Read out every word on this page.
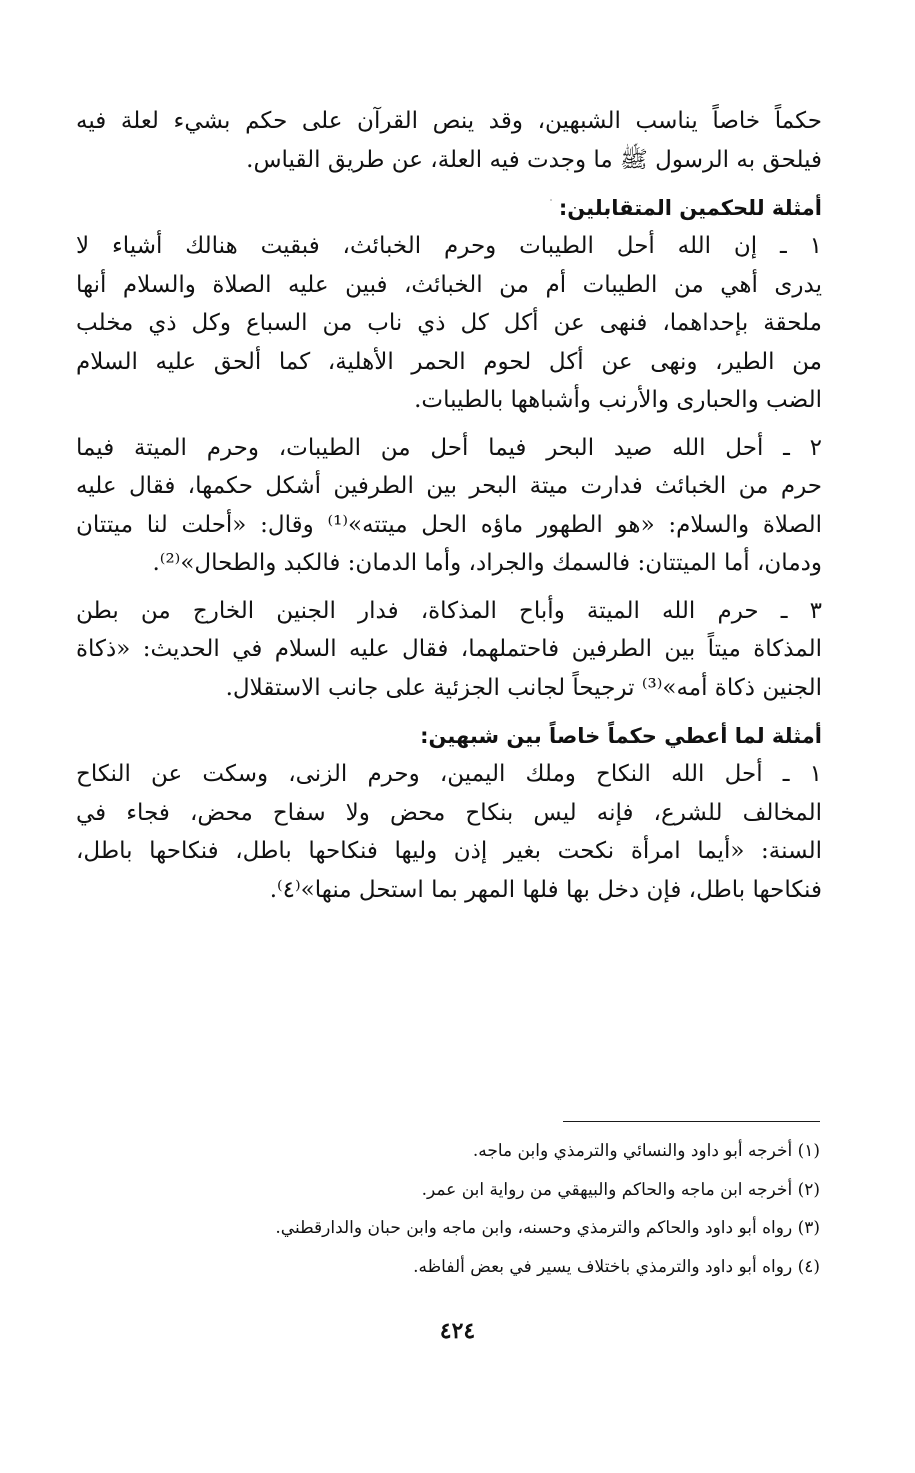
حكماً خاصاً يناسب الشبهين، وقد ينص القرآن على حكم بشيء لعلة فيه
فيلحق به الرسول ﷺ ما وجدت فيه العلة، عن طريق القياس.
أمثلة للحكمين المتقابلين:
١ ـ إن الله أحل الطيبات وحرم الخبائث، فبقيت هنالك أشياء لا
يدرى أهي من الطيبات أم من الخبائث، فبين عليه الصلاة والسلام أنها
ملحقة بإحداهما، فنهى عن أكل كل ذي ناب من السباع وكل ذي مخلب
من الطير، ونهى عن أكل لحوم الحمر الأهلية، كما ألحق عليه السلام
الضب والحبارى والأرنب وأشباهها بالطيبات.
٢ ـ أحل الله صيد البحر فيما أحل من الطيبات، وحرم الميتة فيما
حرم من الخبائث فدارت ميتة البحر بين الطرفين أشكل حكمها، فقال عليه
الصلاة والسلام: «هو الطهور ماؤه الحل ميتته»⁽¹⁾ وقال: «أحلت لنا ميتتان
ودمان، أما الميتتان: فالسمك والجراد، وأما الدمان: فالكبد والطحال»⁽²⁾.
٣ ـ حرم الله الميتة وأباح المذكاة، فدار الجنين الخارج من بطن
المذكاة ميتاً بين الطرفين فاحتملهما، فقال عليه السلام في الحديث: «ذكاة
الجنين ذكاة أمه»⁽³⁾ ترجيحاً لجانب الجزئية على جانب الاستقلال.
أمثلة لما أعطي حكماً خاصاً بين شبهين:
١ ـ أحل الله النكاح وملك اليمين، وحرم الزنى، وسكت عن النكاح
المخالف للشرع، فإنه ليس بنكاح محض ولا سفاح محض، فجاء في
السنة: «أيما امرأة نكحت بغير إذن وليها فنكاحها باطل، فنكاحها باطل،
فنكاحها باطل، فإن دخل بها فلها المهر بما استحل منها»⁽٤⁾.
(١) أخرجه أبو داود والنسائي والترمذي وابن ماجه.
(٢) أخرجه ابن ماجه والحاكم والبيهقي من رواية ابن عمر.
(٣) رواه أبو داود والحاكم والترمذي وحسنه، وابن ماجه وابن حبان والدارقطني.
(٤) رواه أبو داود والترمذي باختلاف يسير في بعض ألفاظه.
٤٢٤
